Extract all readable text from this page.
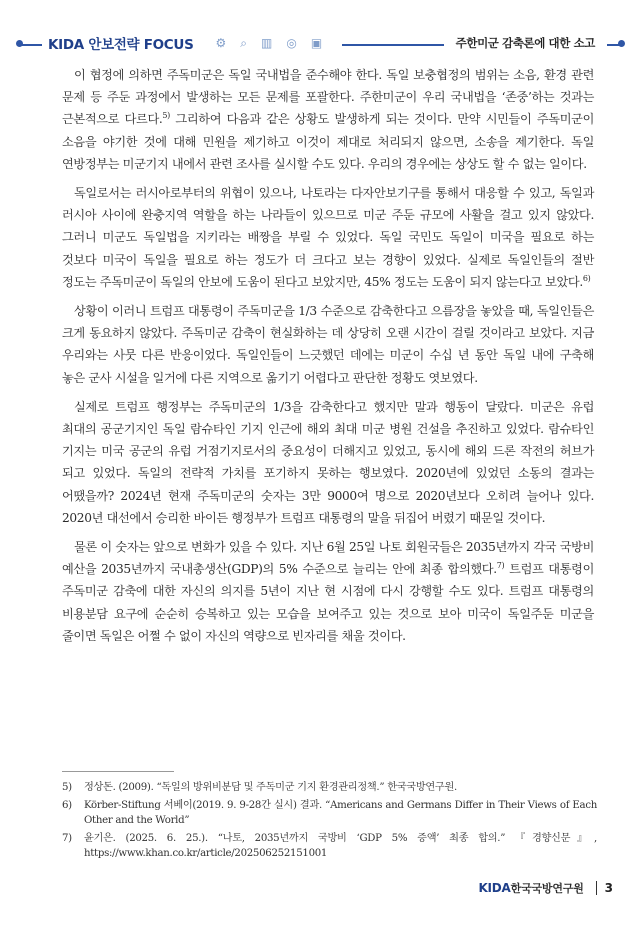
KIDA 안보전략 FOCUS ⚙ ⌕ ▥ ◎ ▣	주한미군 감축론에 대한 소고

이 협정에 의하면 주독미군은 독일 국내법을 준수해야 한다. 독일 보충협정의 범위는 소음, 환경 관련 문제 등 주둔 과정에서 발생하는 모든 문제를 포괄한다. 주한미군이 우리 국내법을 ‘존중’하는 것과는 근본적으로 다르다.$^{5)}$ 그리하여 다음과 같은 상황도 발생하게 되는 것이다. 만약 시민들이 주독미군이 소음을 야기한 것에 대해 민원을 제기하고 이것이 제대로 처리되지 않으면, 소송을 제기한다. 독일 연방정부는 미군기지 내에서 관련 조사를 실시할 수도 있다. 우리의 경우에는 상상도 할 수 없는 일이다.

독일로서는 러시아로부터의 위협이 있으나, 나토라는 다자안보기구를 통해서 대응할 수 있고, 독일과 러시아 사이에 완충지역 역할을 하는 나라들이 있으므로 미군 주둔 규모에 사활을 걸고 있지 않았다. 그러니 미군도 독일법을 지키라는 배짱을 부릴 수 있었다. 독일 국민도 독일이 미국을 필요로 하는 것보다 미국이 독일을 필요로 하는 정도가 더 크다고 보는 경향이 있었다. 실제로 독일인들의 절반 정도는 주독미군이 독일의 안보에 도움이 된다고 보았지만, 45% 정도는 도움이 되지 않는다고 보았다.$^{6)}$

상황이 이러니 트럼프 대통령이 주독미군을 1/3 수준으로 감축한다고 으름장을 놓았을 때, 독일인들은 크게 동요하지 않았다. 주독미군 감축이 현실화하는 데 상당히 오랜 시간이 걸릴 것이라고 보았다. 지금 우리와는 사뭇 다른 반응이었다. 독일인들이 느긋했던 데에는 미군이 수십 년 동안 독일 내에 구축해 놓은 군사 시설을 일거에 다른 지역으로 옮기기 어렵다고 판단한 정황도 엿보였다.

실제로 트럼프 행정부는 주독미군의 1/3을 감축한다고 했지만 말과 행동이 달랐다. 미군은 유럽 최대의 공군기지인 독일 람슈타인 기지 인근에 해외 최대 미군 병원 건설을 추진하고 있었다. 람슈타인 기지는 미국 공군의 유럽 거점기지로서의 중요성이 더해지고 있었고, 동시에 해외 드론 작전의 허브가 되고 있었다. 독일의 전략적 가치를 포기하지 못하는 행보였다. 2020년에 있었던 소동의 결과는 어땠을까? 2024년 현재 주독미군의 숫자는 3만 9000여 명으로 2020년보다 오히려 늘어나 있다. 2020년 대선에서 승리한 바이든 행정부가 트럼프 대통령의 말을 뒤집어 버렸기 때문일 것이다.

물론 이 숫자는 앞으로 변화가 있을 수 있다. 지난 6월 25일 나토 회원국들은 2035년까지 각국 국방비 예산을 2035년까지 국내총생산(GDP)의 5% 수준으로 늘리는 안에 최종 합의했다.$^{7)}$ 트럼프 대통령이 주독미군 감축에 대한 자신의 의지를 5년이 지난 현 시점에 다시 강행할 수도 있다. 트럼프 대통령의 비용분담 요구에 순순히 승복하고 있는 모습을 보여주고 있는 것으로 보아 미국이 독일주둔 미군을 줄이면 독일은 어쩔 수 없이 자신의 역량으로 빈자리를 채울 것이다.

5)	정상돈. (2009). “독일의 방위비분담 및 주독미군 기지 환경관리정책.” 한국국방연구원.
6)	Körber-Stiftung 서베이(2019. 9. 9-28간 실시) 결과. “Americans and Germans Differ in Their Views of Each Other and the World”
7)	윤기은. (2025. 6. 25.). “나토, 2035년까지 국방비 ‘GDP 5% 증액’ 최종 합의.” 『경향신문』, https://www.khan.co.kr/article/202506252151001
KIDA 한국국방연구원 3
